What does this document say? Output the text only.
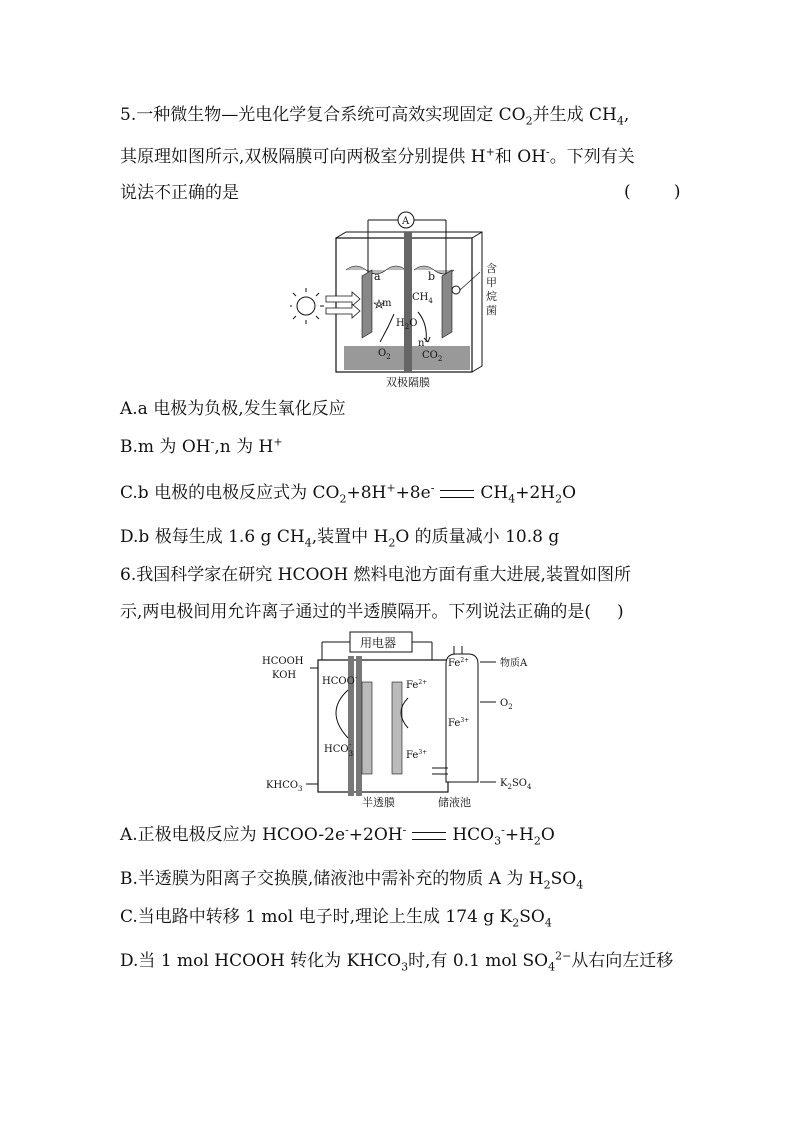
5.一种微生物—光电化学复合系统可高效实现固定 $CO_2$并生成 $CH_4$,
其原理如图所示,双极隔膜可向两极室分别提供 H+和 OH-。下列有关
说法不正确的是	(        )
A
a	b
m
$CH_4$
$H_2O$
n
$O_2$	$CO_2$
含
甲
烷
菌
双极隔膜
A.a 电极为负极,发生氧化反应
B.m 为 OH-,n 为 H+
C.b 电极的电极反应式为 $CO_2+8H^++8e^-$	$CH_4+2H_2O$
D.b 极每生成 1.6 g $CH_4$,装置中 $H_2O$ 的质量减小 10.8 g
6.我国科学家在研究 HCOOH 燃料电池方面有重大进展,装置如图所
示,两电极间用允许离子通过的半透膜隔开。下列说法正确的是( )
用电器
HCOOH
KOH
HCOO-
$HCO_3-$
$Fe^{2+}$
$Fe^{3+}$
$KHCO_3$
$Fe^{2+}$
$Fe^{3+}$
物质A
$O_2$
$K_2SO_4$
半透膜	储液池
A.正极电极反应为 HCOO-2e-+2OH-	$HCO_3^-+H_2O$
B.半透膜为阳离子交换膜,储液池中需补充的物质 A 为 $H_2SO_4$
C.当电路中转移 1 mol 电子时,理论上生成 174 g $K_2SO_4$
D.当 1 mol HCOOH 转化为 $KHCO_3$时,有 0.1 mol $SO_4^{2-}$从右向左迁移
